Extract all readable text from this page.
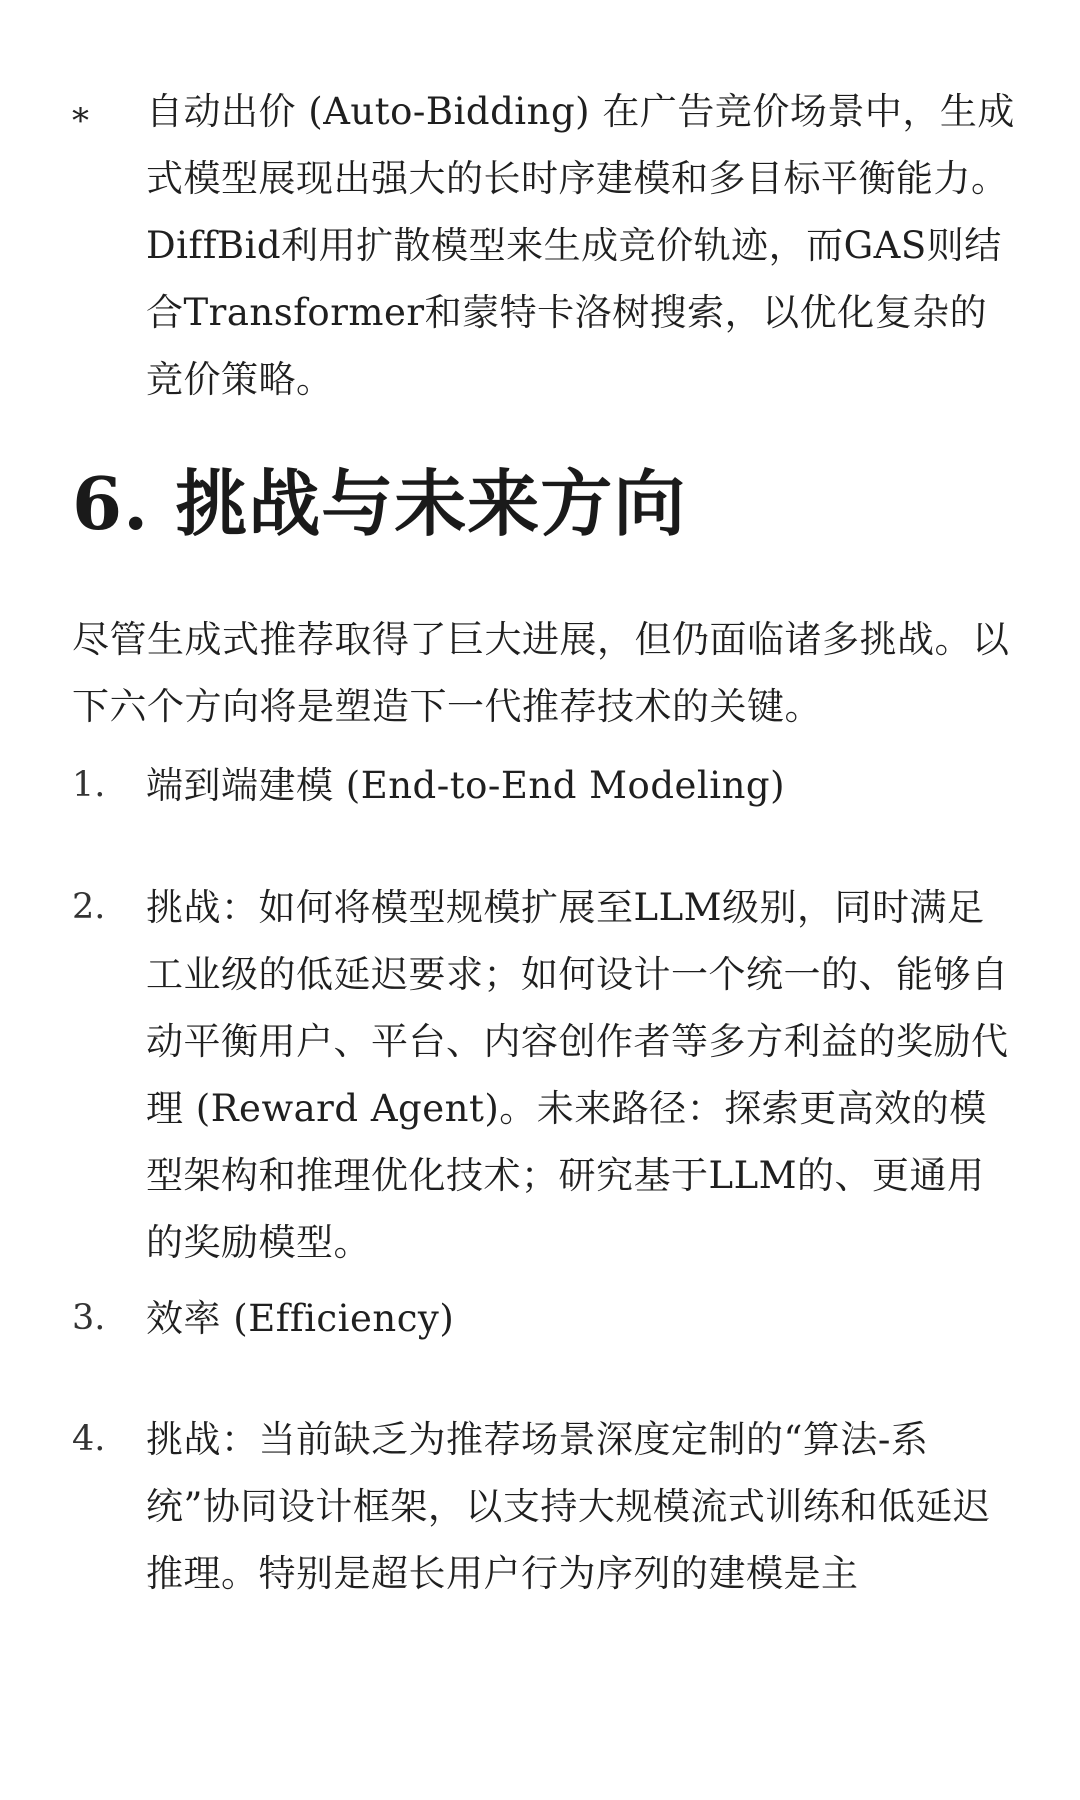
* 自动出价 (Auto-Bidding) 在广告竞价场景中，生成式模型展现出强大的长时序建模和多目标平衡能力。DiffBid利用扩散模型来生成竞价轨迹，而GAS则结合Transformer和蒙特卡洛树搜索，以优化复杂的竞价策略。

6. 挑战与未来方向

尽管生成式推荐取得了巨大进展，但仍面临诸多挑战。以下六个方向将是塑造下一代推荐技术的关键。

1. 端到端建模 (End-to-End Modeling)

2. 挑战：如何将模型规模扩展至LLM级别，同时满足工业级的低延迟要求；如何设计一个统一的、能够自动平衡用户、平台、内容创作者等多方利益的奖励代理 (Reward Agent)。未来路径：探索更高效的模型架构和推理优化技术；研究基于LLM的、更通用的奖励模型。

3. 效率 (Efficiency)

4. 挑战：当前缺乏为推荐场景深度定制的“算法-系统”协同设计框架，以支持大规模流式训练和低延迟推理。特别是超长用户行为序列的建模是主
